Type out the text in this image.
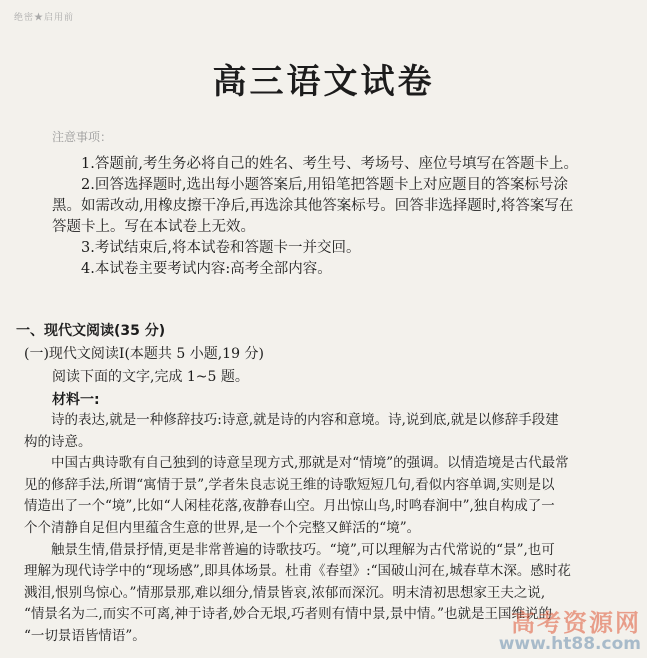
绝密★启用前
高三语文试卷
注意事项：

1.答题前,考生务必将自己的姓名、考生号、考场号、座位号填写在答题卡上。

2.回答选择题时,选出每小题答案后,用铅笔把答题卡上对应题目的答案标号涂

黑。如需改动,用橡皮擦干净后,再选涂其他答案标号。回答非选择题时,将答案写在

答题卡上。写在本试卷上无效。

3.考试结束后,将本试卷和答题卡一并交回。

4.本试卷主要考试内容:高考全部内容。

一、现代文阅读(35 分)
(一)现代文阅读Ⅰ(本题共 5 小题,19 分)
阅读下面的文字,完成 1~5 题。
材料一:

诗的表达,就是一种修辞技巧:诗意,就是诗的内容和意境。诗,说到底,就是以修辞手段建

构的诗意。

中国古典诗歌有自己独到的诗意呈现方式,那就是对“情境”的强调。以情造境是古代最常

见的修辞手法,所谓“寓情于景”,学者朱良志说王维的诗歌短短几句,看似内容单调,实则是以

情造出了一个“境”,比如“人闲桂花落,夜静春山空。月出惊山鸟,时鸣春涧中”,独自构成了一

个个清静自足但内里蕴含生意的世界,是一个个完整又鲜活的“境”。

触景生情,借景抒情,更是非常普遍的诗歌技巧。“境”,可以理解为古代常说的“景”,也可

理解为现代诗学中的“现场感”,即具体场景。杜甫《春望》:“国破山河在,城春草木深。感时花

溅泪,恨别鸟惊心。”情那景那,难以细分,情景皆哀,浓郁而深沉。明末清初思想家王夫之说,

“情景名为二,而实不可离,神于诗者,妙合无垠,巧者则有情中景,景中情。”也就是王国维说的

“一切景语皆情语”。	高考资源网
www.ht88.com
